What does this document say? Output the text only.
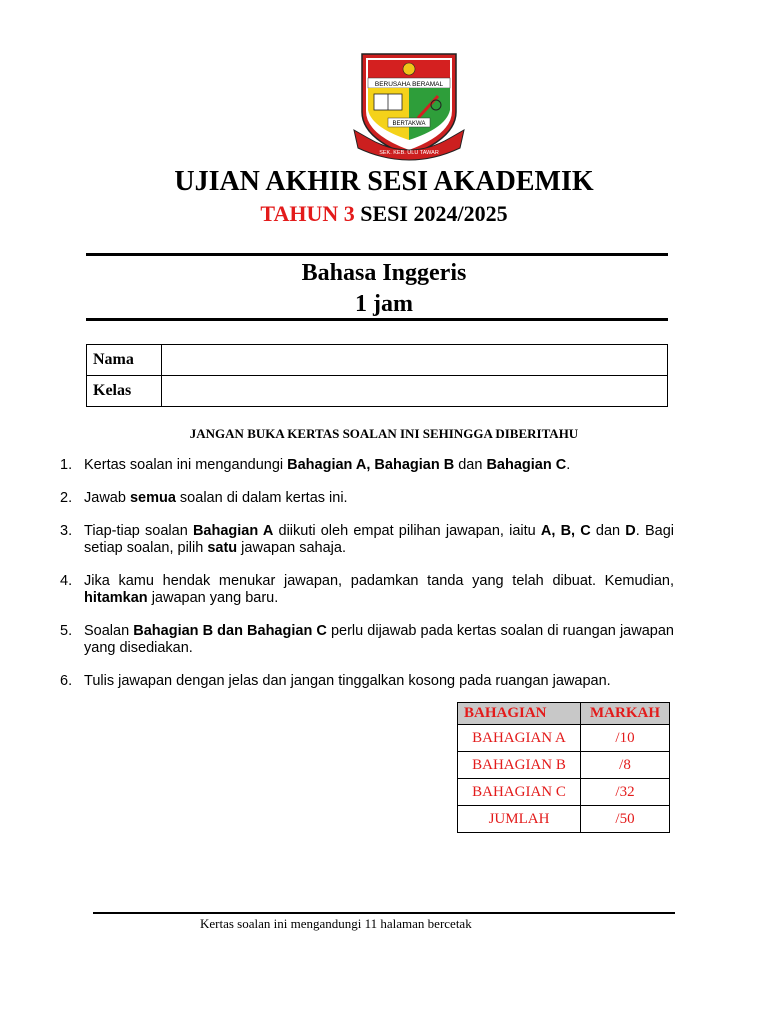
BERUSAHA BERAMAL
BERTAKWA
SEK. KEB. ULU TAWAR
UJIAN AKHIR SESI AKADEMIK
TAHUN 3 SESI 2024/2025
Bahasa Inggeris
1 jam
Nama	
Kelas	
JANGAN BUKA KERTAS SOALAN INI SEHINGGA DIBERITAHU
1. Kertas soalan ini mengandungi Bahagian A, Bahagian B dan Bahagian C.
2. Jawab semua soalan di dalam kertas ini.
3. Tiap-tiap soalan Bahagian A diikuti oleh empat pilihan jawapan, iaitu A, B, C dan D. Bagi setiap soalan, pilih satu jawapan sahaja.
4. Jika kamu hendak menukar jawapan, padamkan tanda yang telah dibuat. Kemudian, hitamkan jawapan yang baru.
5. Soalan Bahagian B dan Bahagian C perlu dijawab pada kertas soalan di ruangan jawapan yang disediakan.
6. Tulis jawapan dengan jelas dan jangan tinggalkan kosong pada ruangan jawapan.
BAHAGIAN	MARKAH
BAHAGIAN A	/10
BAHAGIAN B	/8
BAHAGIAN C	/32
JUMLAH	/50
Kertas soalan ini mengandungi 11 halaman bercetak
